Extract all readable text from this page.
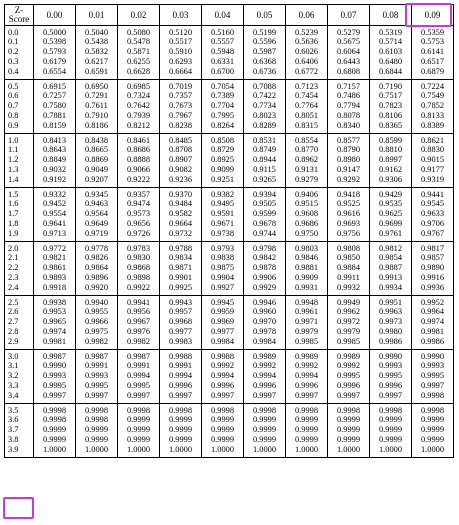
Z-Score	0.00	0.01	0.02	0.03	0.04	0.05	0.06	0.07	0.08	0.09
0.0	0.5000	0.5040	0.5080	0.5120	0.5160	0.5199	0.5239	0.5279	0.5319	0.5359
0.1	0.5398	0.5438	0.5478	0.5517	0.5557	0.5596	0.5636	0.5675	0.5714	0.5753
0.2	0.5793	0.5832	0.5871	0.5910	0.5948	0.5987	0.6026	0.6064	0.6103	0.6141
0.3	0.6179	0.6217	0.6255	0.6293	0.6331	0.6368	0.6406	0.6443	0.6480	0.6517
0.4	0.6554	0.6591	0.6628	0.6664	0.6700	0.6736	0.6772	0.6808	0.6844	0.6879
0.5	0.6915	0.6950	0.6985	0.7019	0.7054	0.7088	0.7123	0.7157	0.7190	0.7224
0.6	0.7257	0.7291	0.7324	0.7357	0.7389	0.7422	0.7454	0.7486	0.7517	0.7549
0.7	0.7580	0.7611	0.7642	0.7673	0.7704	0.7734	0.7764	0.7794	0.7823	0.7852
0.8	0.7881	0.7910	0.7939	0.7967	0.7995	0.8023	0.8051	0.8078	0.8106	0.8133
0.9	0.8159	0.8186	0.8212	0.8238	0.8264	0.8289	0.8315	0.8340	0.8365	0.8389
1.0	0.8413	0.8438	0.8461	0.8485	0.8508	0.8531	0.8554	0.8577	0.8599	0.8621
1.1	0.8643	0.8665	0.8686	0.8708	0.8729	0.8749	0.8770	0.8790	0.8810	0.8830
1.2	0.8849	0.8869	0.8888	0.8907	0.8925	0.8944	0.8962	0.8980	0.8997	0.9015
1.3	0.9032	0.9049	0.9066	0.9082	0.9099	0.9115	0.9131	0.9147	0.9162	0.9177
1.4	0.9192	0.9207	0.9222	0.9236	0.9251	0.9265	0.9279	0.9292	0.9306	0.9319
1.5	0.9332	0.9345	0.9357	0.9370	0.9382	0.9394	0.9406	0.9418	0.9429	0.9441
1.6	0.9452	0.9463	0.9474	0.9484	0.9495	0.9505	0.9515	0.9525	0.9535	0.9545
1.7	0.9554	0.9564	0.9573	0.9582	0.9591	0.9599	0.9608	0.9616	0.9625	0.9633
1.8	0.9641	0.9649	0.9656	0.9664	0.9671	0.9678	0.9686	0.9693	0.9699	0.9706
1.9	0.9713	0.9719	0.9726	0.9732	0.9738	0.9744	0.9750	0.9756	0.9761	0.9767
2.0	0.9772	0.9778	0.9783	0.9788	0.9793	0.9798	0.9803	0.9808	0.9812	0.9817
2.1	0.9821	0.9826	0.9830	0.9834	0.9838	0.9842	0.9846	0.9850	0.9854	0.9857
2.2	0.9861	0.9864	0.9868	0.9871	0.9875	0.9878	0.9881	0.9884	0.9887	0.9890
2.3	0.9893	0.9896	0.9898	0.9901	0.9904	0.9906	0.9909	0.9911	0.9913	0.9916
2.4	0.9918	0.9920	0.9922	0.9925	0.9927	0.9929	0.9931	0.9932	0.9934	0.9936
2.5	0.9938	0.9940	0.9941	0.9943	0.9945	0.9946	0.9948	0.9949	0.9951	0.9952
2.6	0.9953	0.9955	0.9956	0.9957	0.9959	0.9960	0.9961	0.9962	0.9963	0.9964
2.7	0.9965	0.9966	0.9967	0.9968	0.9969	0.9970	0.9971	0.9972	0.9973	0.9974
2.8	0.9974	0.9975	0.9976	0.9977	0.9977	0.9978	0.9979	0.9979	0.9980	0.9981
2.9	0.9981	0.9982	0.9982	0.9983	0.9984	0.9984	0.9985	0.9985	0.9986	0.9986
3.0	0.9987	0.9987	0.9987	0.9988	0.9988	0.9989	0.9989	0.9989	0.9990	0.9990
3.1	0.9990	0.9991	0.9991	0.9991	0.9992	0.9992	0.9992	0.9992	0.9993	0.9993
3.2	0.9993	0.9993	0.9994	0.9994	0.9994	0.9994	0.9994	0.9995	0.9995	0.9995
3.3	0.9995	0.9995	0.9995	0.9996	0.9996	0.9996	0.9996	0.9996	0.9996	0.9997
3.4	0.9997	0.9997	0.9997	0.9997	0.9997	0.9997	0.9997	0.9997	0.9997	0.9998
3.5	0.9998	0.9998	0.9998	0.9998	0.9998	0.9998	0.9998	0.9998	0.9998	0.9998
3.6	0.9998	0.9998	0.9999	0.9999	0.9999	0.9999	0.9999	0.9999	0.9999	0.9999
3.7	0.9999	0.9999	0.9999	0.9999	0.9999	0.9999	0.9999	0.9999	0.9999	0.9999
3.8	0.9999	0.9999	0.9999	0.9999	0.9999	0.9999	0.9999	0.9999	0.9999	0.9999
3.9	1.0000	1.0000	1.0000	1.0000	1.0000	1.0000	1.0000	1.0000	1.0000	1.0000
